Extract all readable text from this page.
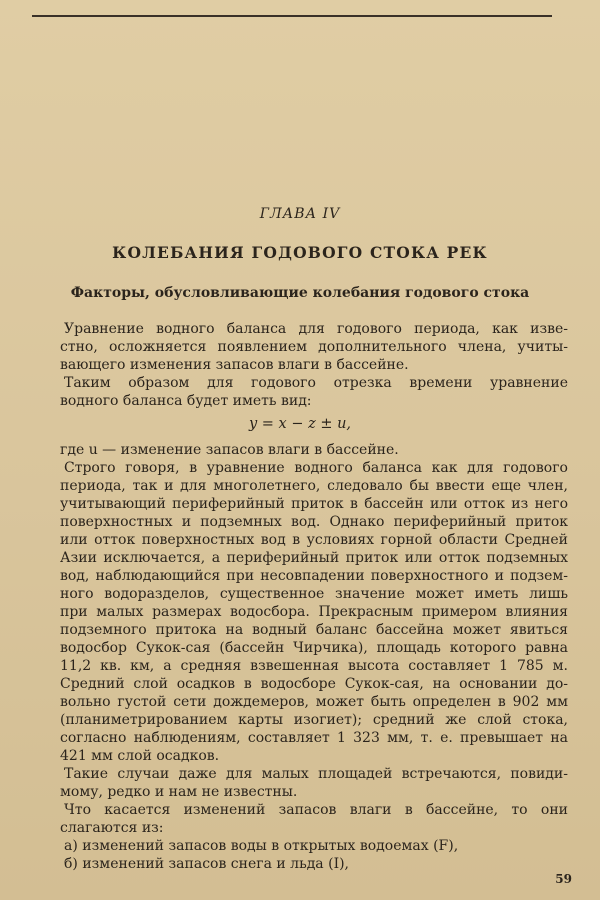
ГЛАВА IV
КОЛЕБАНИЯ ГОДОВОГО СТОКА РЕК
Факторы, обусловливающие колебания годового стока
Уравнение водного баланса для годового периода, как изве-
стно, осложняется появлением дополнительного члена, учиты-
вающего изменения запасов влаги в бассейне.
Таким образом для годового отрезка времени уравнение
водного баланса будет иметь вид:
y = x − z ± u,
где u — изменение запасов влаги в бассейне.
Строго говоря, в уравнение водного баланса как для годового
периода, так и для многолетнего, следовало бы ввести еще член,
учитывающий периферийный приток в бассейн или отток из него
поверхностных и подземных вод. Однако периферийный приток
или отток поверхностных вод в условиях горной области Средней
Азии исключается, а периферийный приток или отток подземных
вод, наблюдающийся при несовпадении поверхностного и подзем-
ного водоразделов, существенное значение может иметь лишь
при малых размерах водосбора. Прекрасным примером влияния
подземного притока на водный баланс бассейна может явиться
водосбор Сукок-сая (бассейн Чирчика), площадь которого равна
11,2 кв. км, а средняя взвешенная высота составляет 1 785 м.
Средний слой осадков в водосборе Сукок-сая, на основании до-
вольно густой сети дождемеров, может быть определен в 902 мм
(планиметрированием карты изогиет); средний же слой стока,
согласно наблюдениям, составляет 1 323 мм, т. е. превышает на
421 мм слой осадков.
Такие случаи даже для малых площадей встречаются, повиди-
мому, редко и нам не известны.
Что касается изменений запасов влаги в бассейне, то они
слагаются из:
а) изменений запасов воды в открытых водоемах (F),
б) изменений запасов снега и льда (I),
59
